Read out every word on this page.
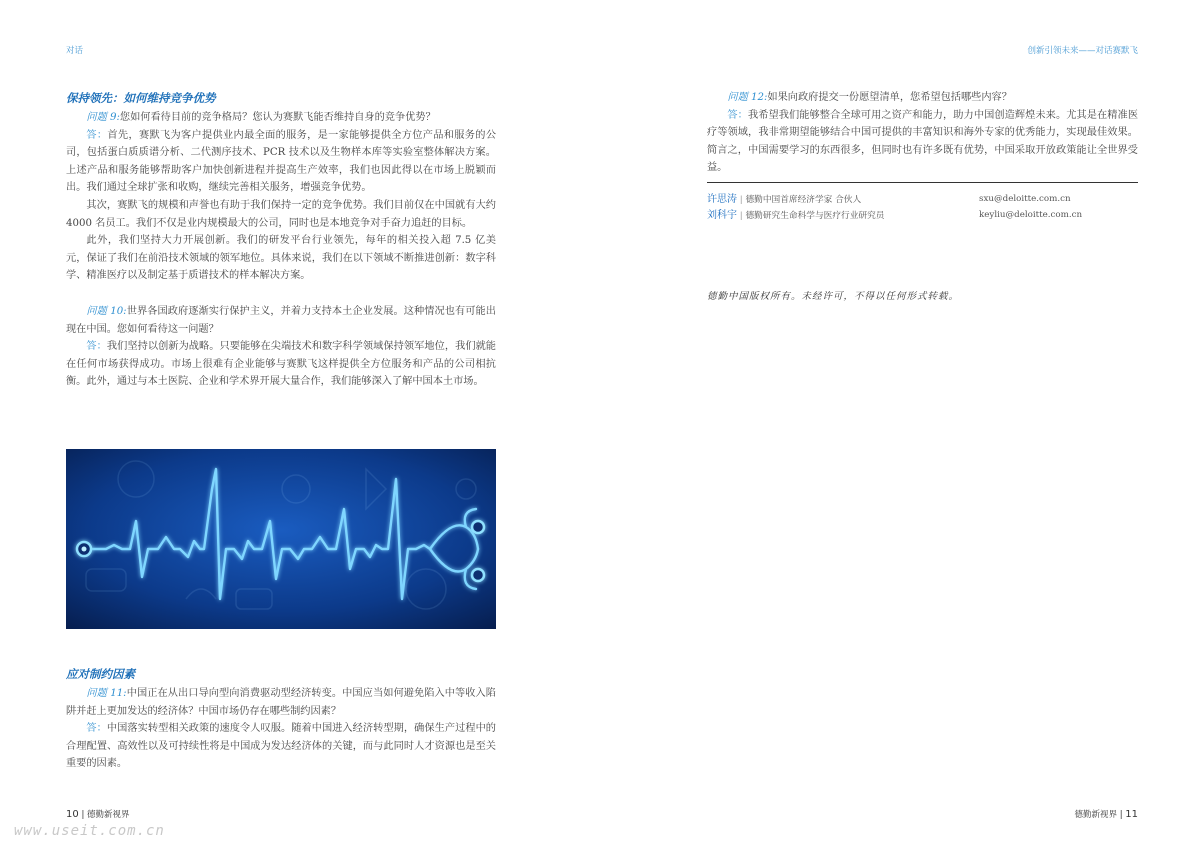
对话	创新引领未来——对话赛默飞
保持领先：如何维持竞争优势

问题 9:您如何看待目前的竞争格局？您认为赛默飞能否维持自身的竞争优势？

答：首先，赛默飞为客户提供业内最全面的服务，是一家能够提供全方位产品和服务的公司，包括蛋白质质谱分析、二代测序技术、PCR 技术以及生物样本库等实验室整体解决方案。上述产品和服务能够帮助客户加快创新进程并提高生产效率，我们也因此得以在市场上脱颖而出。我们通过全球扩张和收购，继续完善相关服务，增强竞争优势。

其次，赛默飞的规模和声誉也有助于我们保持一定的竞争优势。我们目前仅在中国就有大约 4000 名员工。我们不仅是业内规模最大的公司，同时也是本地竞争对手奋力追赶的目标。

此外，我们坚持大力开展创新。我们的研发平台行业领先，每年的相关投入超 7.5 亿美元，保证了我们在前沿技术领域的领军地位。具体来说，我们在以下领域不断推进创新：数字科学、精准医疗以及制定基于质谱技术的样本解决方案。

问题 10:世界各国政府逐渐实行保护主义，并着力支持本土企业发展。这种情况也有可能出现在中国。您如何看待这一问题？

答：我们坚持以创新为战略。只要能够在尖端技术和数字科学领域保持领军地位，我们就能在任何市场获得成功。市场上很难有企业能够与赛默飞这样提供全方位服务和产品的公司相抗衡。此外，通过与本土医院、企业和学术界开展大量合作，我们能够深入了解中国本土市场。

应对制约因素

问题 11:中国正在从出口导向型向消费驱动型经济转变。中国应当如何避免陷入中等收入陷阱并赶上更加发达的经济体？中国市场仍存在哪些制约因素？

答：中国落实转型相关政策的速度令人叹服。随着中国进入经济转型期，确保生产过程中的合理配置、高效性以及可持续性将是中国成为发达经济体的关键，而与此同时人才资源也是至关重要的因素。

问题 12:如果向政府提交一份愿望清单，您希望包括哪些内容？

答：我希望我们能够整合全球可用之资产和能力，助力中国创造辉煌未来。尤其是在精准医疗等领域，我非常期望能够结合中国可提供的丰富知识和海外专家的优秀能力，实现最佳效果。简言之，中国需要学习的东西很多，但同时也有许多既有优势，中国采取开放政策能让全世界受益。

许思涛 | 德勤中国首席经济学家 合伙人	sxu@deloitte.com.cn
刘科宇 | 德勤研究生命科学与医疗行业研究员	keyliu@deloitte.com.cn
德勤中国版权所有。未经许可，不得以任何形式转载。
10 | 德勤新视界	德勤新视界 | 11
www.useit.com.cn
